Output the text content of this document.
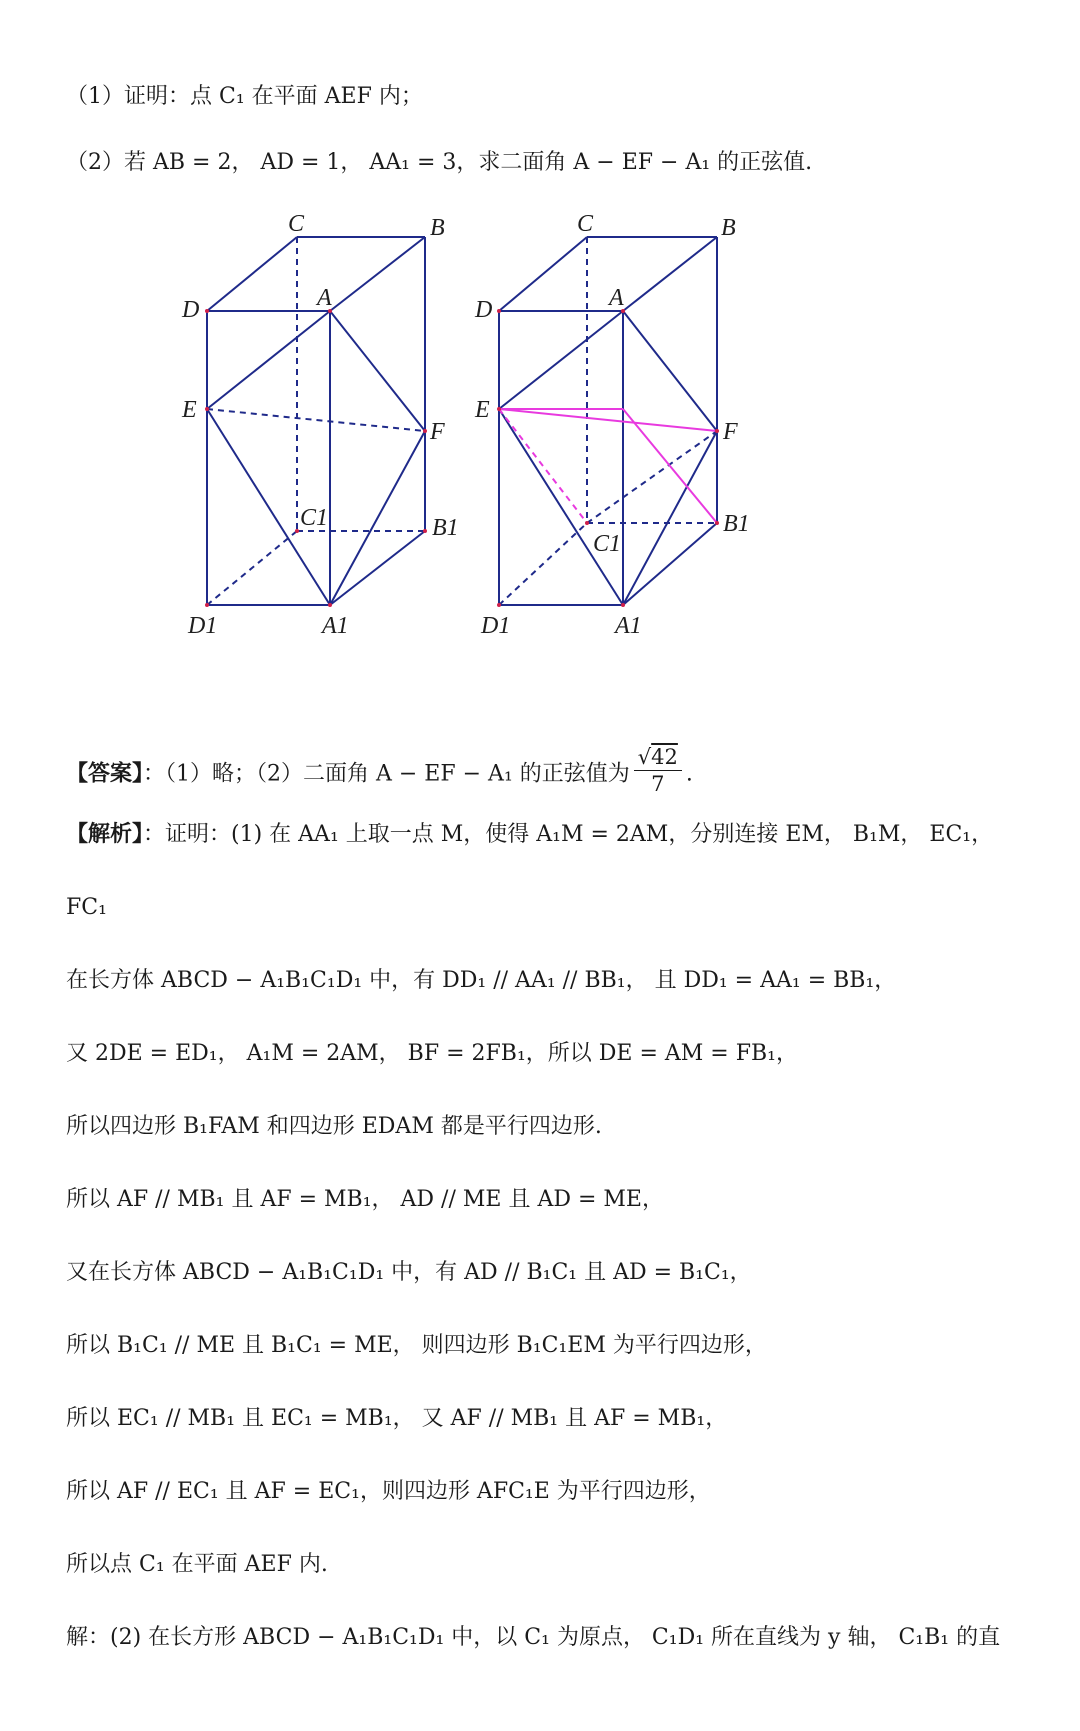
（1）证明：点 C₁ 在平面 AEF 内；
（2）若 AB = 2， AD = 1， AA₁ = 3，求二面角 A − EF − A₁ 的正弦值.
C	B
D	A
E
F
C1	B1
D1	A1
C	B
D	A
E
F
C1
B1
D1	A1
【答案】：（1）略；（2）二面角 A − EF − A₁ 的正弦值为 $\frac{√42}{7}$ .
【解析】：证明：(1) 在 AA₁ 上取一点 M，使得 A₁M = 2AM，分别连接 EM， B₁M， EC₁，
FC₁
在长方体 ABCD − A₁B₁C₁D₁ 中，有 DD₁ // AA₁ // BB₁， 且 DD₁ = AA₁ = BB₁，
又 2DE = ED₁， A₁M = 2AM， BF = 2FB₁，所以 DE = AM = FB₁，
所以四边形 B₁FAM 和四边形 EDAM 都是平行四边形.
所以 AF // MB₁ 且 AF = MB₁， AD // ME 且 AD = ME，
又在长方体 ABCD − A₁B₁C₁D₁ 中，有 AD // B₁C₁ 且 AD = B₁C₁，
所以 B₁C₁ // ME 且 B₁C₁ = ME， 则四边形 B₁C₁EM 为平行四边形，
所以 EC₁ // MB₁ 且 EC₁ = MB₁， 又 AF // MB₁ 且 AF = MB₁，
所以 AF // EC₁ 且 AF = EC₁，则四边形 AFC₁E 为平行四边形，
所以点 C₁ 在平面 AEF 内.
解：(2) 在长方形 ABCD − A₁B₁C₁D₁ 中，以 C₁ 为原点， C₁D₁ 所在直线为 y 轴， C₁B₁ 的直
